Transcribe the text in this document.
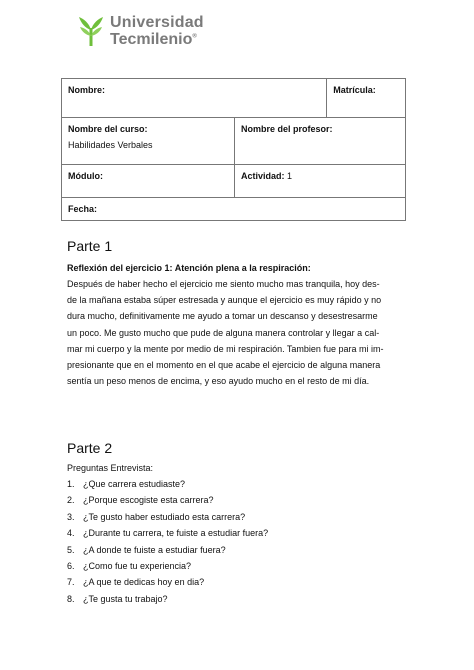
Universidad
Tecmilenio®
Nombre:		Matrícula:

Nombre del curso:
Habilidades Verbales	Nombre del profesor:	
Módulo:	Actividad: 1	
Fecha:		
Parte 1
Reflexión del ejercicio 1: Atención plena a la respiración:
Después de haber hecho el ejercicio me siento mucho mas tranquila, hoy des-
de la mañana estaba súper estresada y aunque el ejercicio es muy rápido y no
dura mucho, definitivamente me ayudo a tomar un descanso y desestresarme
un poco. Me gusto mucho que pude de alguna manera controlar y llegar a cal-
mar mi cuerpo y la mente por medio de mi respiración. Tambien fue para mi im-
presionante que en el momento en el que acabe el ejercicio de alguna manera
sentía un peso menos de encima, y eso ayudo mucho en el resto de mi día.
Parte 2
Preguntas Entrevista:
1. ¿Que carrera estudiaste?
2. ¿Porque escogiste esta carrera?
3. ¿Te gusto haber estudiado esta carrera?
4. ¿Durante tu carrera, te fuiste a estudiar fuera?
5. ¿A donde te fuiste a estudiar fuera?
6. ¿Como fue tu experiencia?
7. ¿A que te dedicas hoy en dia?
8. ¿Te gusta tu trabajo?
